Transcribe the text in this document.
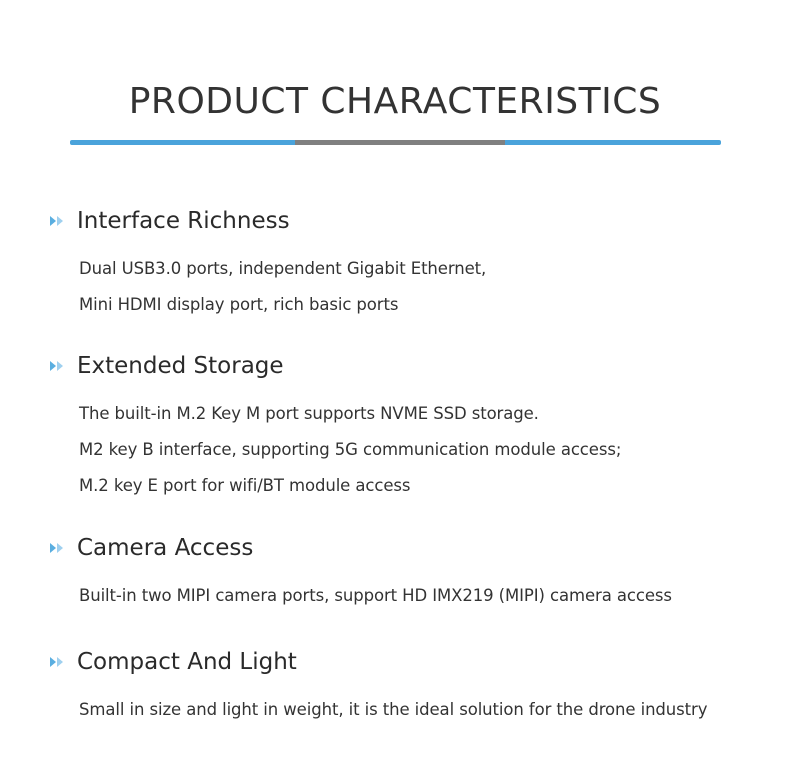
PRODUCT CHARACTERISTICS
Interface Richness
Dual USB3.0 ports, independent Gigabit Ethernet,
Mini HDMI display port, rich basic ports
Extended Storage
The built-in M.2 Key M port supports NVME SSD storage.
M2 key B interface, supporting 5G communication module access;
M.2 key E port for wifi/BT module access
Camera Access
Built-in two MIPI camera ports, support HD IMX219 (MIPI) camera access
Compact And Light
Small in size and light in weight, it is the ideal solution for the drone industry
